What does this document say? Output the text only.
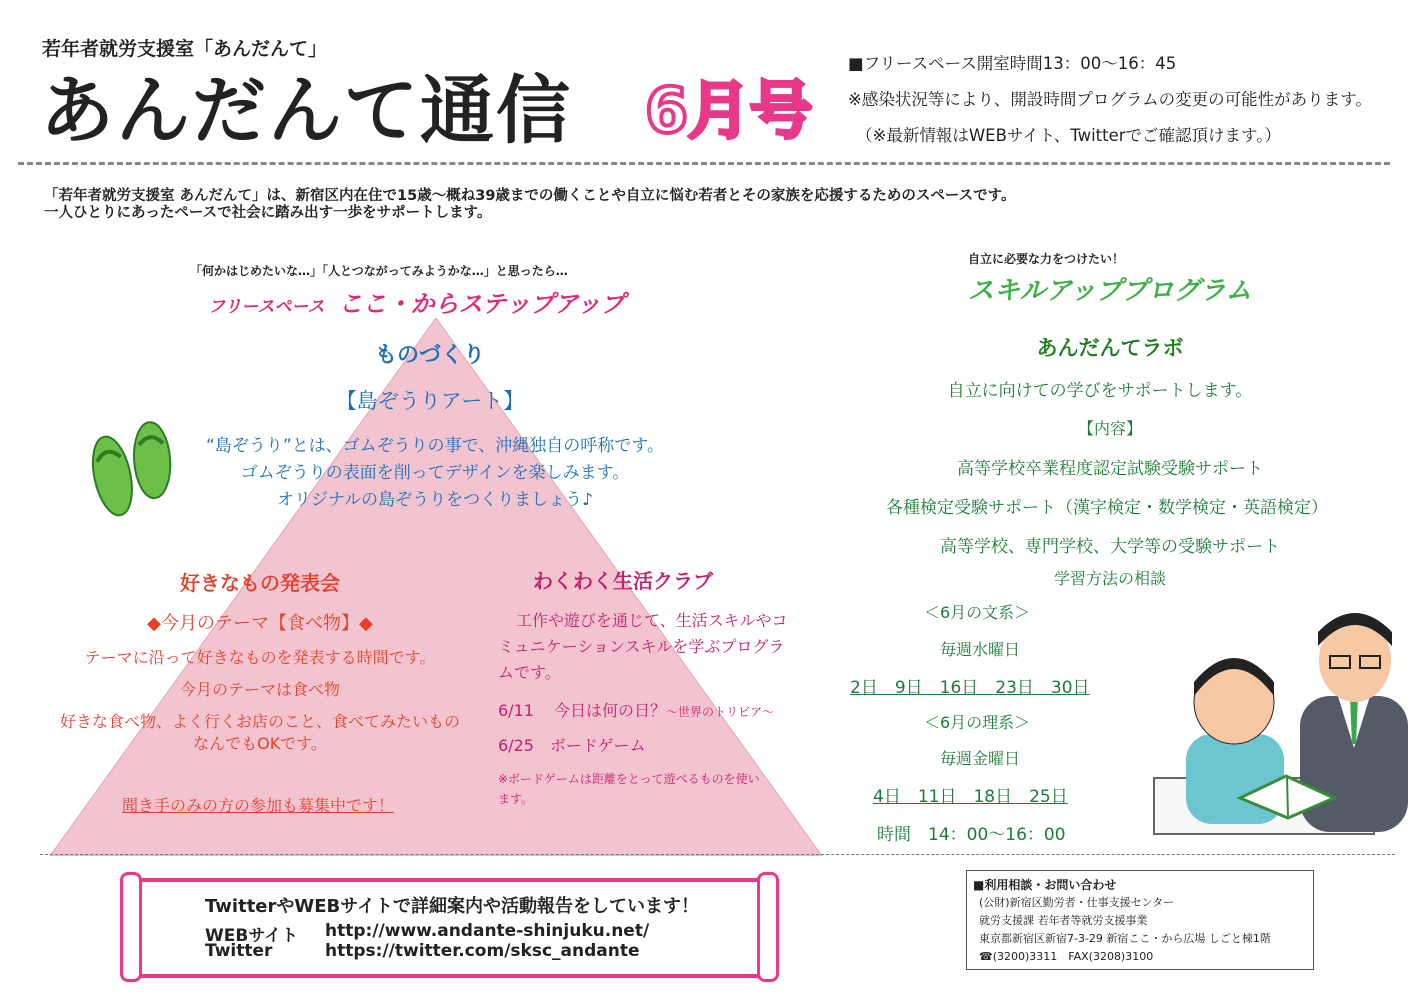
若年者就労支援室「あんだんて」
あんだんて通信 6月号
■フリースペース開室時間13：00〜16：45
※感染状況等により、開設時間プログラムの変更の可能性があります。
（※最新情報はWEBサイト、Twitterでご確認頂けます。）
「若年者就労支援室 あんだんて」は、新宿区内在住で15歳〜概ね39歳までの働くことや自立に悩む若者とその家族を応援するためのスペースです。
一人ひとりにあったペースで社会に踏み出す一歩をサポートします。
「何かはじめたいな…」「人とつながってみようかな…」と思ったら…
フリースペース ここ・からステップアップ
ものづくり
【島ぞうりアート】
“島ぞうり”とは、ゴムぞうりの事で、沖縄独自の呼称です。
ゴムぞうりの表面を削ってデザインを楽しみます。
オリジナルの島ぞうりをつくりましょう♪
好きなもの発表会
◆今月のテーマ【食べ物】◆
テーマに沿って好きなものを発表する時間です。
今月のテーマは食べ物
好きな食べ物、よく行くお店のこと、食べてみたいもの
なんでもOKです。
聞き手のみの方の参加も募集中です！
わくわく生活クラブ
工作や遊びを通じて、生活スキルやコ
ミュニケーションスキルを学ぶプログラ
ムです。
6/11 今日は何の日？〜世界のトリビア〜
6/25　ボードゲーム
※ボードゲームは距離をとって遊べるものを使い
ます。
自立に必要な力をつけたい！
スキルアッププログラム
あんだんてラボ
自立に向けての学びをサポートします。
【内容】
高等学校卒業程度認定試験受験サポート
各種検定受験サポート（漢字検定・数学検定・英語検定）
高等学校、専門学校、大学等の受験サポート
学習方法の相談
＜6月の文系＞
毎週水曜日
2日　9日　16日　23日　30日
＜6月の理系＞
毎週金曜日
4日　11日　18日　25日
時間　14：00〜16：00
TwitterやWEBサイトで詳細案内や活動報告をしています！
WEBサイト http://www.andante-shinjuku.net/
Twitter	https://twitter.com/sksc_andante
■利用相談・お問い合わせ
(公財)新宿区勤労者・仕事支援センター
就労支援課 若年者等就労支援事業
東京都新宿区新宿7-3-29 新宿ここ・から広場 しごと棟1階
☎(3200)3311　FAX(3208)3100
